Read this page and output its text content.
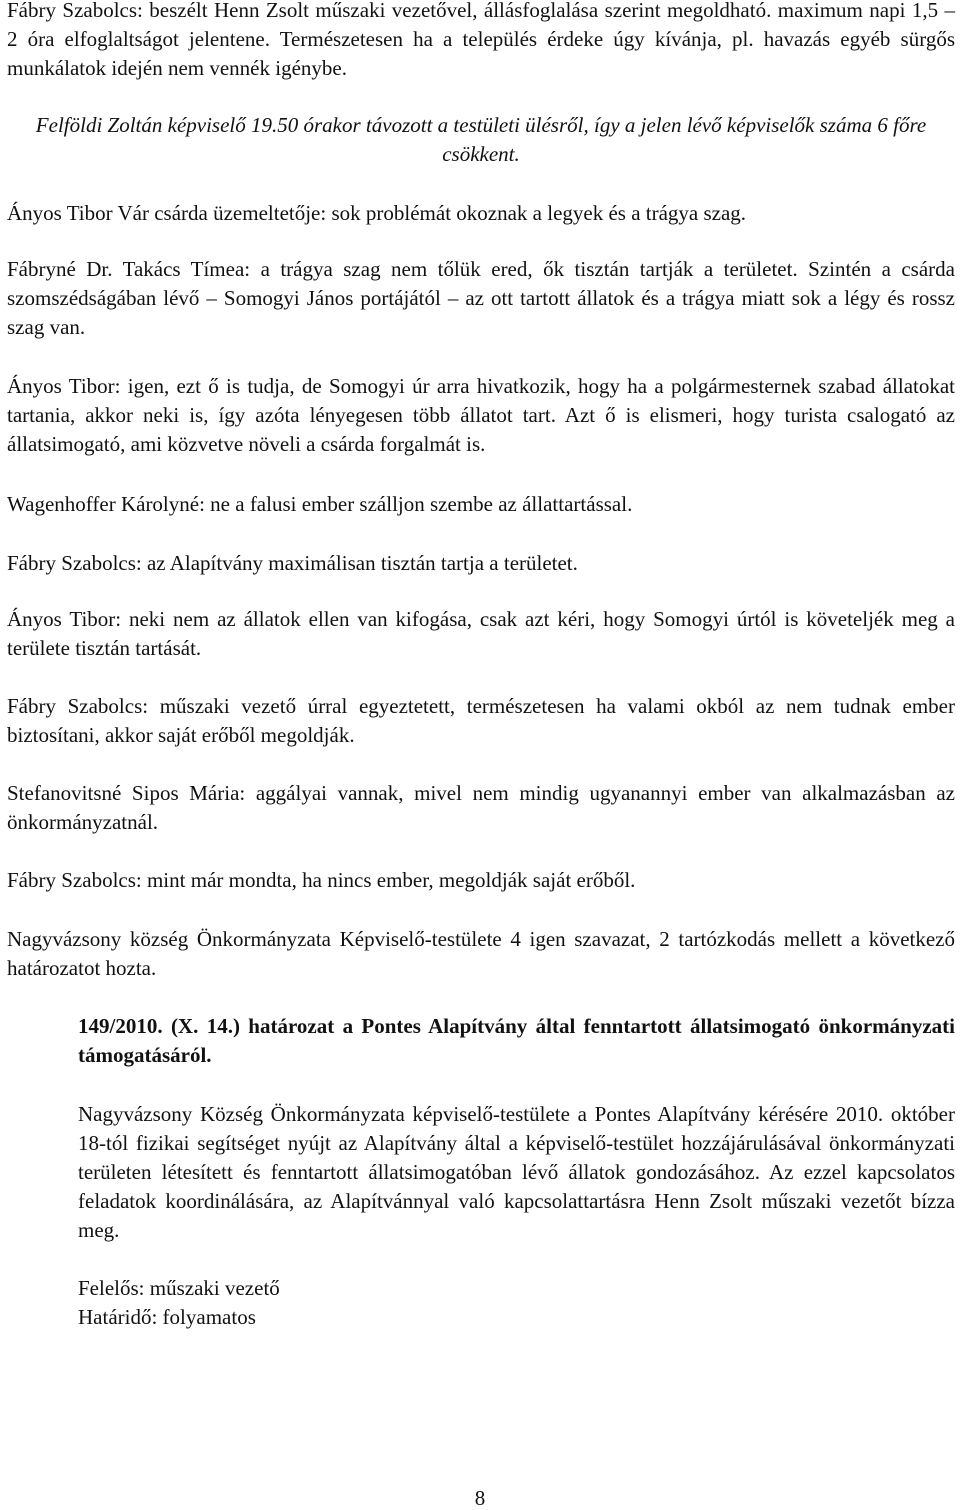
Fábry Szabolcs: beszélt Henn Zsolt műszaki vezetővel, állásfoglalása szerint megoldható. maximum napi 1,5 – 2 óra elfoglaltságot jelentene. Természetesen ha a település érdeke úgy kívánja, pl. havazás egyéb sürgős munkálatok idején nem vennék igénybe.

Felföldi Zoltán képviselő 19.50 órakor távozott a testületi ülésről, így a jelen lévő képviselők száma 6 főre csökkent.

Ányos Tibor Vár csárda üzemeltetője: sok problémát okoznak a legyek és a trágya szag.

Fábryné Dr. Takács Tímea: a trágya szag nem tőlük ered, ők tisztán tartják a területet. Szintén a csárda szomszédságában lévő – Somogyi János portájától – az ott tartott állatok és a trágya miatt sok a légy és rossz szag van.

Ányos Tibor: igen, ezt ő is tudja, de Somogyi úr arra hivatkozik, hogy ha a polgármesternek szabad állatokat tartania, akkor neki is, így azóta lényegesen több állatot tart. Azt ő is elismeri, hogy turista csalogató az állatsimogató, ami közvetve növeli a csárda forgalmát is.

Wagenhoffer Károlyné: ne a falusi ember szálljon szembe az állattartással.

Fábry Szabolcs: az Alapítvány maximálisan tisztán tartja a területet.

Ányos Tibor: neki nem az állatok ellen van kifogása, csak azt kéri, hogy Somogyi úrtól is követeljék meg a területe tisztán tartását.

Fábry Szabolcs: műszaki vezető úrral egyeztetett, természetesen ha valami okból az nem tudnak ember biztosítani, akkor saját erőből megoldják.

Stefanovitsné Sipos Mária: aggályai vannak, mivel nem mindig ugyanannyi ember van alkalmazásban az önkormányzatnál.

Fábry Szabolcs: mint már mondta, ha nincs ember, megoldják saját erőből.

Nagyvázsony község Önkormányzata Képviselő-testülete 4 igen szavazat, 2 tartózkodás mellett a következő határozatot hozta.

149/2010. (X. 14.) határozat a Pontes Alapítvány által fenntartott állatsimogató önkormányzati támogatásáról.

Nagyvázsony Község Önkormányzata képviselő-testülete a Pontes Alapítvány kérésére 2010. október 18-tól fizikai segítséget nyújt az Alapítvány által a képviselő-testület hozzájárulásával önkormányzati területen létesített és fenntartott állatsimogatóban lévő állatok gondozásához. Az ezzel kapcsolatos feladatok koordinálására, az Alapítvánnyal való kapcsolattartásra Henn Zsolt műszaki vezetőt bízza meg.

Felelős: műszaki vezető
Határidő: folyamatos
8
